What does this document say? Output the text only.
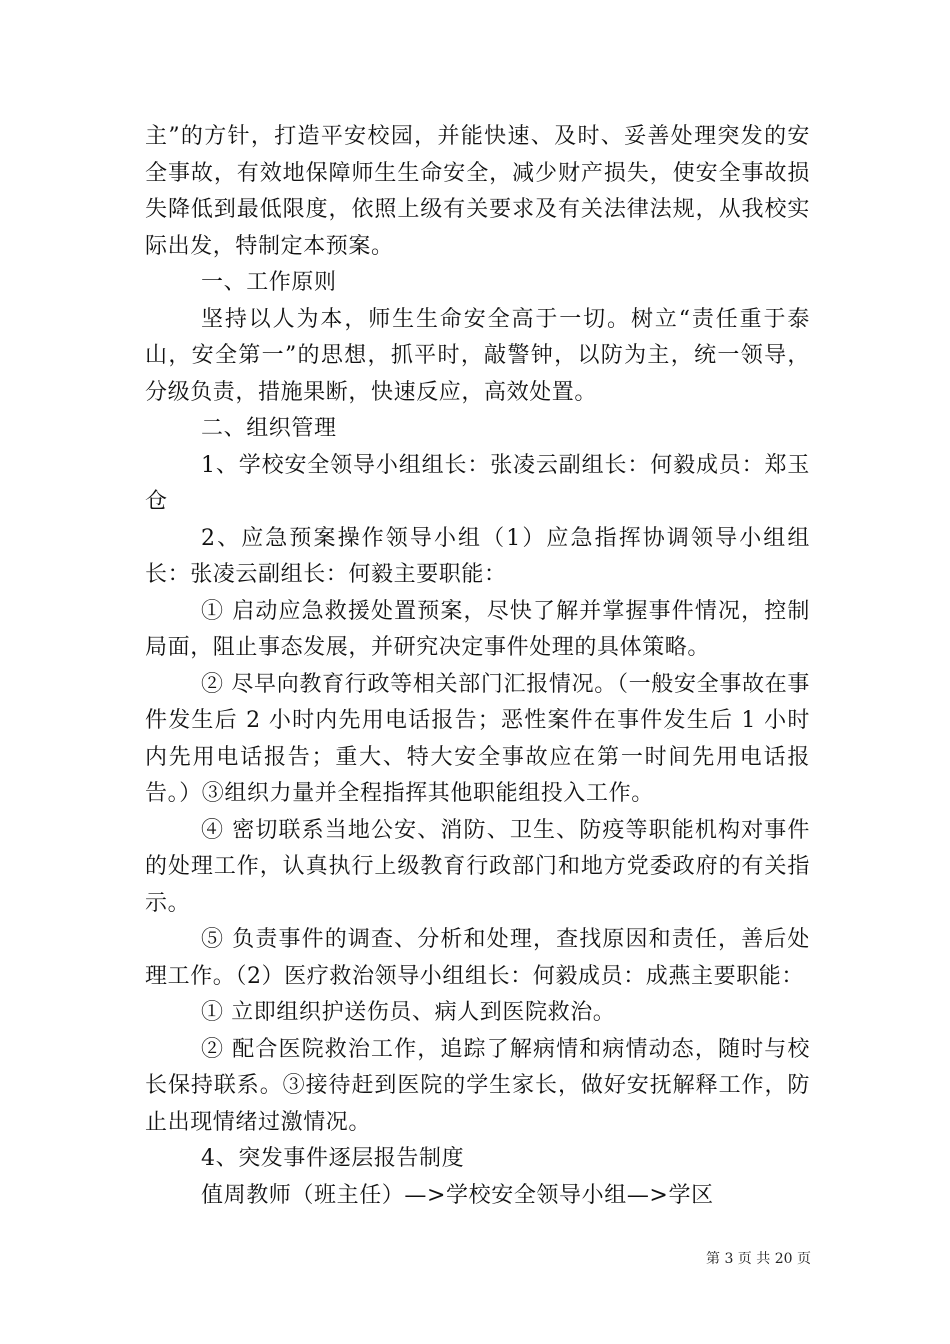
主”的方针，打造平安校园，并能快速、及时、妥善处理突发的安全事故，有效地保障师生生命安全，减少财产损失，使安全事故损失降低到最低限度，依照上级有关要求及有关法律法规，从我校实际出发，特制定本预案。

一、工作原则

坚持以人为本，师生生命安全高于一切。树立“责任重于泰山，安全第一”的思想，抓平时，敲警钟，以防为主，统一领导，分级负责，措施果断，快速反应，高效处置。

二、组织管理

1、学校安全领导小组组长：张凌云副组长：何毅成员：郑玉仓

2、应急预案操作领导小组（1）应急指挥协调领导小组组长：张凌云副组长：何毅主要职能：

① 启动应急救援处置预案，尽快了解并掌握事件情况，控制局面，阻止事态发展，并研究决定事件处理的具体策略。

② 尽早向教育行政等相关部门汇报情况。（一般安全事故在事件发生后 2 小时内先用电话报告；恶性案件在事件发生后 1 小时内先用电话报告；重大、特大安全事故应在第一时间先用电话报告。）③组织力量并全程指挥其他职能组投入工作。

④ 密切联系当地公安、消防、卫生、防疫等职能机构对事件的处理工作，认真执行上级教育行政部门和地方党委政府的有关指示。

⑤ 负责事件的调查、分析和处理，查找原因和责任，善后处理工作。（2）医疗救治领导小组组长：何毅成员：成燕主要职能：

① 立即组织护送伤员、病人到医院救治。

② 配合医院救治工作，追踪了解病情和病情动态，随时与校长保持联系。③接待赶到医院的学生家长，做好安抚解释工作，防止出现情绪过激情况。

4、突发事件逐层报告制度

值周教师（班主任）—>学校安全领导小组—>学区

第 3 页 共 20 页
